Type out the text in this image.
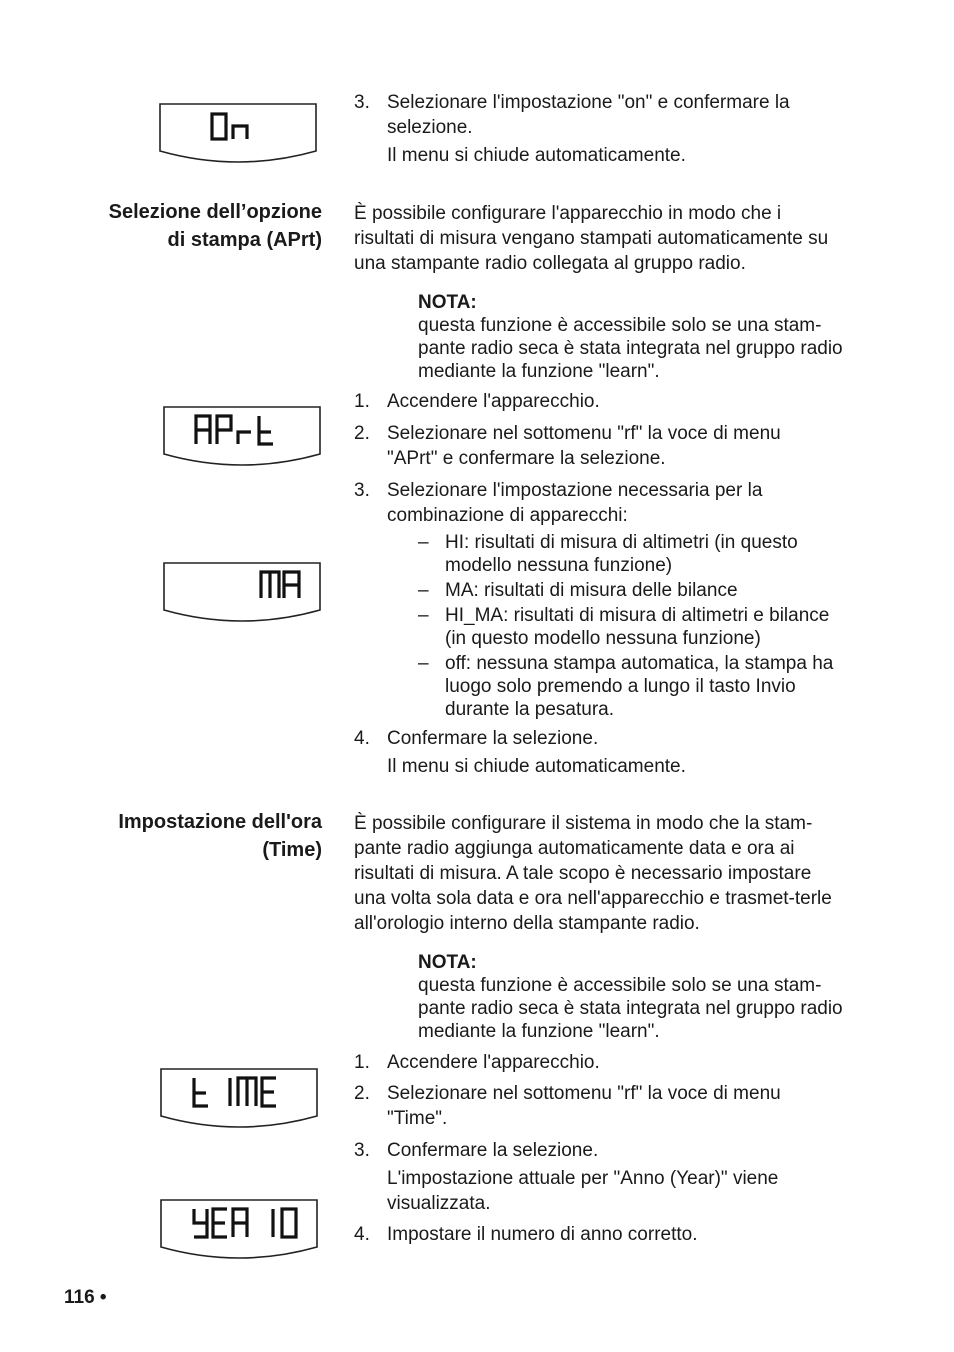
3. Selezionare l'impostazione "on" e confermare la selezione.
Il menu si chiude automaticamente.
Selezione dell’opzione
di stampa (APrt)

È possibile configurare l'apparecchio in modo che i risultati di misura vengano stampati automaticamente su una stampante radio collegata al gruppo radio.

NOTA:
questa funzione è accessibile solo se una stam-pante radio seca è stata integrata nel gruppo radio mediante la funzione "learn".
1. Accendere l'apparecchio.
2. Selezionare nel sottomenu "rf" la voce di menu "APrt" e confermare la selezione.
3. Selezionare l'impostazione necessaria per la combinazione di apparecchi:
– HI: risultati di misura di altimetri (in questo modello nessuna funzione)
– MA: risultati di misura delle bilance
– HI_MA: risultati di misura di altimetri e bilance (in questo modello nessuna funzione)
– off: nessuna stampa automatica, la stampa ha luogo solo premendo a lungo il tasto Invio durante la pesatura.
4. Confermare la selezione.
Il menu si chiude automaticamente.
Impostazione dell'ora
(Time)

È possibile configurare il sistema in modo che la stam-pante radio aggiunga automaticamente data e ora ai risultati di misura. A tale scopo è necessario impostare una volta sola data e ora nell'apparecchio e trasmet-terle all'orologio interno della stampante radio.

NOTA:
questa funzione è accessibile solo se una stam-pante radio seca è stata integrata nel gruppo radio mediante la funzione "learn".
1. Accendere l'apparecchio.
2. Selezionare nel sottomenu "rf" la voce di menu "Time".
3. Confermare la selezione.
L'impostazione attuale per "Anno (Year)" viene visualizzata.
4. Impostare il numero di anno corretto.
116 •
